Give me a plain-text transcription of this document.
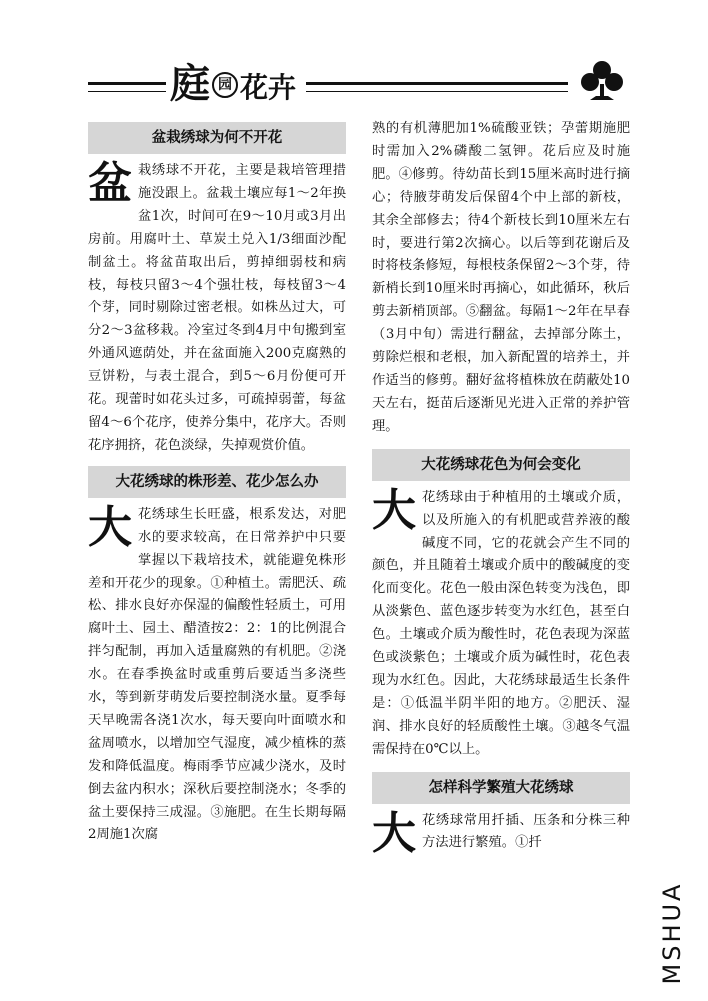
庭 园 花卉
盆栽绣球为何不开花

盆栽绣球不开花，主要是栽培管理措施没跟上。盆栽土壤应每1～2年换盆1次，时间可在9～10月或3月出房前。用腐叶土、草炭土兑入1/3细面沙配制盆土。将盆苗取出后，剪掉细弱枝和病枝，每枝只留3～4个强壮枝，每枝留3～4个芽，同时剔除过密老根。如株丛过大，可分2～3盆移栽。冷室过冬到4月中旬搬到室外通风遮荫处，并在盆面施入200克腐熟的豆饼粉，与表土混合，到5～6月份便可开花。现蕾时如花头过多，可疏掉弱蕾，每盆留4～6个花序，使养分集中，花序大。否则花序拥挤，花色淡绿，失掉观赏价值。

大花绣球的株形差、花少怎么办

大花绣球生长旺盛，根系发达，对肥水的要求较高，在日常养护中只要掌握以下栽培技术，就能避免株形差和开花少的现象。①种植土。需肥沃、疏松、排水良好亦保湿的偏酸性轻质土，可用腐叶土、园土、醋渣按2：2：1的比例混合拌匀配制，再加入适量腐熟的有机肥。②浇水。在春季换盆时或重剪后要适当多浇些水，等到新芽萌发后要控制浇水量。夏季每天早晚需各浇1次水，每天要向叶面喷水和盆周喷水，以增加空气湿度，减少植株的蒸发和降低温度。梅雨季节应减少浇水，及时倒去盆内积水；深秋后要控制浇水；冬季的盆土要保持三成湿。③施肥。在生长期每隔2周施1次腐

熟的有机薄肥加1%硫酸亚铁；孕蕾期施肥时需加入2%磷酸二氢钾。花后应及时施肥。④修剪。待幼苗长到15厘米高时进行摘心；待腋芽萌发后保留4个中上部的新枝，其余全部修去；待4个新枝长到10厘米左右时，要进行第2次摘心。以后等到花谢后及时将枝条修短，每根枝条保留2～3个芽，待新梢长到10厘米时再摘心，如此循环，秋后剪去新梢顶部。⑤翻盆。每隔1～2年在早春（3月中旬）需进行翻盆，去掉部分陈土，剪除烂根和老根，加入新配置的培养土，并作适当的修剪。翻好盆将植株放在荫蔽处10天左右，挺苗后逐渐见光进入正常的养护管理。

大花绣球花色为何会变化

大花绣球由于种植用的土壤或介质，以及所施入的有机肥或营养液的酸碱度不同，它的花就会产生不同的颜色，并且随着土壤或介质中的酸碱度的变化而变化。花色一般由深色转变为浅色，即从淡紫色、蓝色逐步转变为水红色，甚至白色。土壤或介质为酸性时，花色表现为深蓝色或淡紫色；土壤或介质为碱性时，花色表现为水红色。因此，大花绣球最适生长条件是：①低温半阴半阳的地方。②肥沃、湿润、排水良好的轻质酸性土壤。③越冬气温需保持在0℃以上。

怎样科学繁殖大花绣球

大花绣球常用扦插、压条和分株三种方法进行繁殖。①扦

MSHUA
